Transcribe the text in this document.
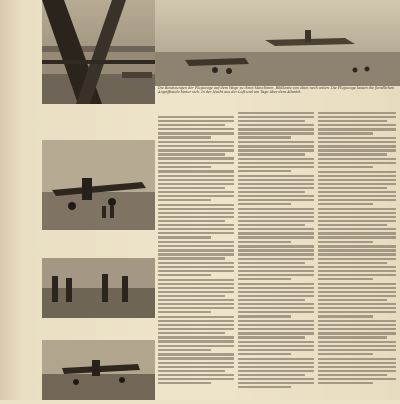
Die Besatzungen der Flugzeuge auf dem Wege zu ihren Maschinen. Bildleiste von oben nach unten: Die Flugzeuge lassen die feindlichen Angriffsziele hinter sich. In der Nacht aus der Luft und am Tage über dem Atlantik.
